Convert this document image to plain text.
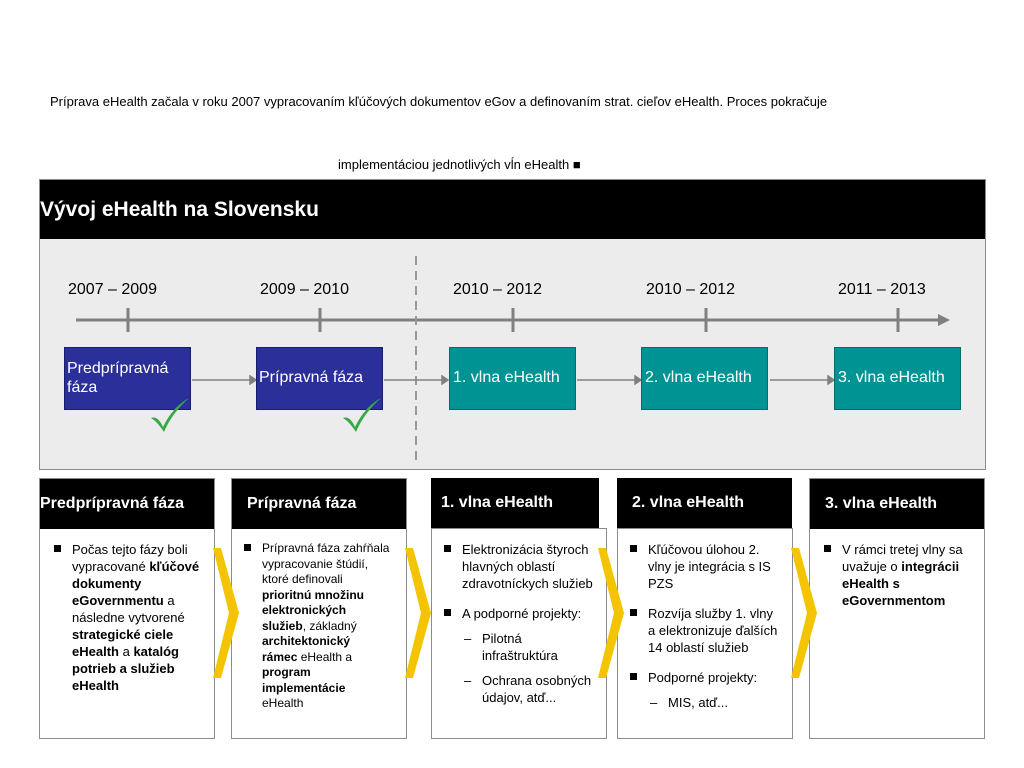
Príprava eHealth začala v roku 2007 vypracovaním kľúčových dokumentov eGov a definovaním strat. cieľov eHealth. Proces pokračuje
implementáciou jednotlivých vĺn eHealth ■
Vývoj eHealth na Slovensku
2007 – 2009	2009 – 2010	2010 – 2012	2010 – 2012	2011 – 2013
Predprípravná
fáza
Prípravná fáza	1. vlna eHealth	2. vlna eHealth	3. vlna eHealth
Predprípravná fáza
Počas tejto fázy boli
vypracované kľúčové
dokumenty
eGovernmentu a
následne vytvorené
strategické ciele
eHealth a katalóg
potrieb a služieb
eHealth
Prípravná fáza
Prípravná fáza zahŕňala
vypracovanie štúdií,
ktoré definovali
prioritnú množinu
elektronických
služieb, základný
architektonický
rámec eHealth a
program
implementácie
eHealth
Elektronizácia štyroch
hlavných oblastí
zdravotníckych služieb
A podporné projekty:
– Pilotná
infraštruktúra
– Ochrana osobných
údajov, atď...
1. vlna eHealth
Kľúčovou úlohou 2.
vlny je integrácia s IS
PZS
Rozvíja služby 1. vlny
a elektronizuje ďalších
14 oblastí služieb
Podporné projekty:
– MIS, atď...
2. vlna eHealth	3. vlna eHealth
V rámci tretej vlny sa
uvažuje o integrácii
eHealth s
eGovernmentom
